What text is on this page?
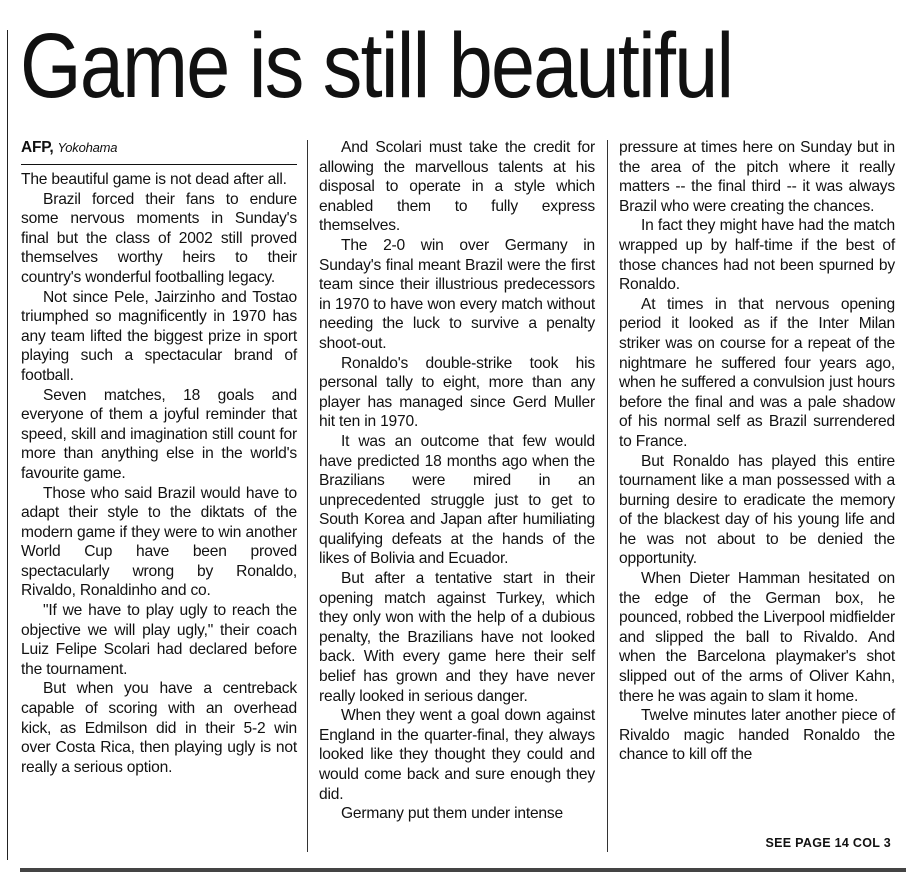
Game is still beautiful
AFP, Yokohama

The beautiful game is not dead after all.

Brazil forced their fans to endure some nervous moments in Sunday's final but the class of 2002 still proved themselves worthy heirs to their country's wonderful footballing legacy.

Not since Pele, Jairzinho and Tostao triumphed so magnificently in 1970 has any team lifted the biggest prize in sport playing such a spectacular brand of football.

Seven matches, 18 goals and everyone of them a joyful reminder that speed, skill and imagination still count for more than anything else in the world's favourite game.

Those who said Brazil would have to adapt their style to the diktats of the modern game if they were to win another World Cup have been proved spectacularly wrong by Ronaldo, Rivaldo, Ronaldinho and co.

"If we have to play ugly to reach the objective we will play ugly," their coach Luiz Felipe Scolari had declared before the tournament.

But when you have a centreback capable of scoring with an overhead kick, as Edmilson did in their 5-2 win over Costa Rica, then playing ugly is not really a serious option.

And Scolari must take the credit for allowing the marvellous talents at his disposal to operate in a style which enabled them to fully express themselves.

The 2-0 win over Germany in Sunday's final meant Brazil were the first team since their illustrious predecessors in 1970 to have won every match without needing the luck to survive a penalty shoot-out.

Ronaldo's double-strike took his personal tally to eight, more than any player has managed since Gerd Muller hit ten in 1970.

It was an outcome that few would have predicted 18 months ago when the Brazilians were mired in an unprecedented struggle just to get to South Korea and Japan after humiliating qualifying defeats at the hands of the likes of Bolivia and Ecuador.

But after a tentative start in their opening match against Turkey, which they only won with the help of a dubious penalty, the Brazilians have not looked back. With every game here their self belief has grown and they have never really looked in serious danger.

When they went a goal down against England in the quarter-final, they always looked like they thought they could and would come back and sure enough they did.

Germany put them under intense

pressure at times here on Sunday but in the area of the pitch where it really matters -- the final third -- it was always Brazil who were creating the chances.

In fact they might have had the match wrapped up by half-time if the best of those chances had not been spurned by Ronaldo.

At times in that nervous opening period it looked as if the Inter Milan striker was on course for a repeat of the nightmare he suffered four years ago, when he suffered a convulsion just hours before the final and was a pale shadow of his normal self as Brazil surrendered to France.

But Ronaldo has played this entire tournament like a man possessed with a burning desire to eradicate the memory of the blackest day of his young life and he was not about to be denied the opportunity.

When Dieter Hamman hesitated on the edge of the German box, he pounced, robbed the Liverpool midfielder and slipped the ball to Rivaldo. And when the Barcelona playmaker's shot slipped out of the arms of Oliver Kahn, there he was again to slam it home.

Twelve minutes later another piece of Rivaldo magic handed Ronaldo the chance to kill off the

SEE PAGE 14 COL 3
